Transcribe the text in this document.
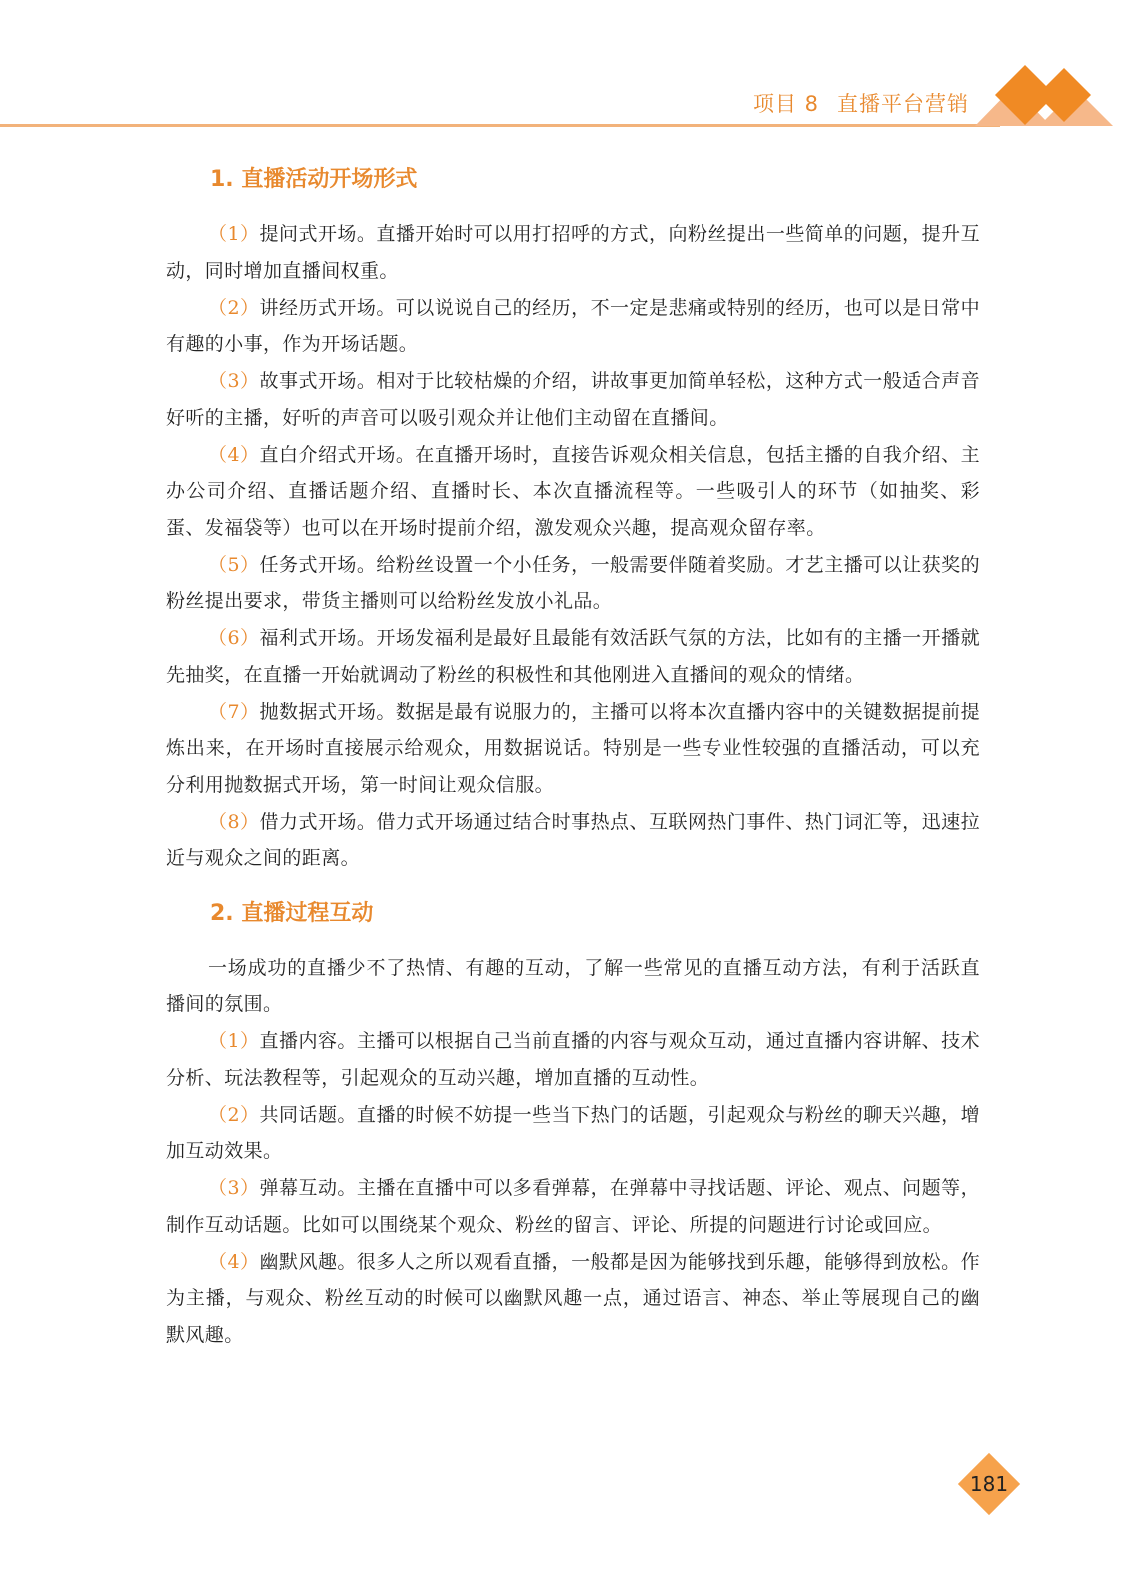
项目 8 直播平台营销
1. 直播活动开场形式

（1）提问式开场。直播开始时可以用打招呼的方式，向粉丝提出一些简单的问题，提升互动，同时增加直播间权重。

（2）讲经历式开场。可以说说自己的经历，不一定是悲痛或特别的经历，也可以是日常中有趣的小事，作为开场话题。

（3）故事式开场。相对于比较枯燥的介绍，讲故事更加简单轻松，这种方式一般适合声音好听的主播，好听的声音可以吸引观众并让他们主动留在直播间。

（4）直白介绍式开场。在直播开场时，直接告诉观众相关信息，包括主播的自我介绍、主办公司介绍、直播话题介绍、直播时长、本次直播流程等。一些吸引人的环节（如抽奖、彩蛋、发福袋等）也可以在开场时提前介绍，激发观众兴趣，提高观众留存率。

（5）任务式开场。给粉丝设置一个小任务，一般需要伴随着奖励。才艺主播可以让获奖的粉丝提出要求，带货主播则可以给粉丝发放小礼品。

（6）福利式开场。开场发福利是最好且最能有效活跃气氛的方法，比如有的主播一开播就先抽奖，在直播一开始就调动了粉丝的积极性和其他刚进入直播间的观众的情绪。

（7）抛数据式开场。数据是最有说服力的，主播可以将本次直播内容中的关键数据提前提炼出来，在开场时直接展示给观众，用数据说话。特别是一些专业性较强的直播活动，可以充分利用抛数据式开场，第一时间让观众信服。

（8）借力式开场。借力式开场通过结合时事热点、互联网热门事件、热门词汇等，迅速拉近与观众之间的距离。

2. 直播过程互动

一场成功的直播少不了热情、有趣的互动，了解一些常见的直播互动方法，有利于活跃直播间的氛围。

（1）直播内容。主播可以根据自己当前直播的内容与观众互动，通过直播内容讲解、技术分析、玩法教程等，引起观众的互动兴趣，增加直播的互动性。

（2）共同话题。直播的时候不妨提一些当下热门的话题，引起观众与粉丝的聊天兴趣，增加互动效果。

（3）弹幕互动。主播在直播中可以多看弹幕，在弹幕中寻找话题、评论、观点、问题等，制作互动话题。比如可以围绕某个观众、粉丝的留言、评论、所提的问题进行讨论或回应。

（4）幽默风趣。很多人之所以观看直播，一般都是因为能够找到乐趣，能够得到放松。作为主播，与观众、粉丝互动的时候可以幽默风趣一点，通过语言、神态、举止等展现自己的幽默风趣。

181
